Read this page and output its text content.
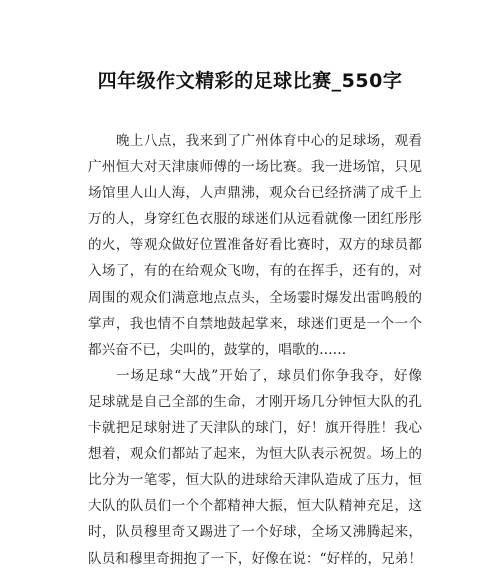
四年级作文精彩的足球比赛_550字
晚上八点，我来到了广州体育中心的足球场，观看
广州恒大对天津康师傅的一场比赛。我一进场馆，只见
场馆里人山人海，人声鼎沸，观众台已经挤满了成千上
万的人，身穿红色衣服的球迷们从远看就像一团红彤彤
的火，等观众做好位置准备好看比赛时，双方的球员都
入场了，有的在给观众飞吻，有的在挥手，还有的，对
周围的观众们满意地点点头，全场霎时爆发出雷鸣般的
掌声，我也情不自禁地鼓起掌来，球迷们更是一个一个
都兴奋不已，尖叫的，鼓掌的，唱歌的……
一场足球“大战”开始了，球员们你争我夺，好像
足球就是自己全部的生命，才刚开场几分钟恒大队的孔
卡就把足球射进了天津队的球门，好！旗开得胜！我心
想着，观众们都站了起来，为恒大队表示祝贺。场上的
比分为一笔零，恒大队的进球给天津队造成了压力，恒
大队的队员们一个个都精神大振，恒大队精神充足，这
时，队员穆里奇又踢进了一个好球，全场又沸腾起来，
队员和穆里奇拥抱了一下，好像在说：“好样的，兄弟！
